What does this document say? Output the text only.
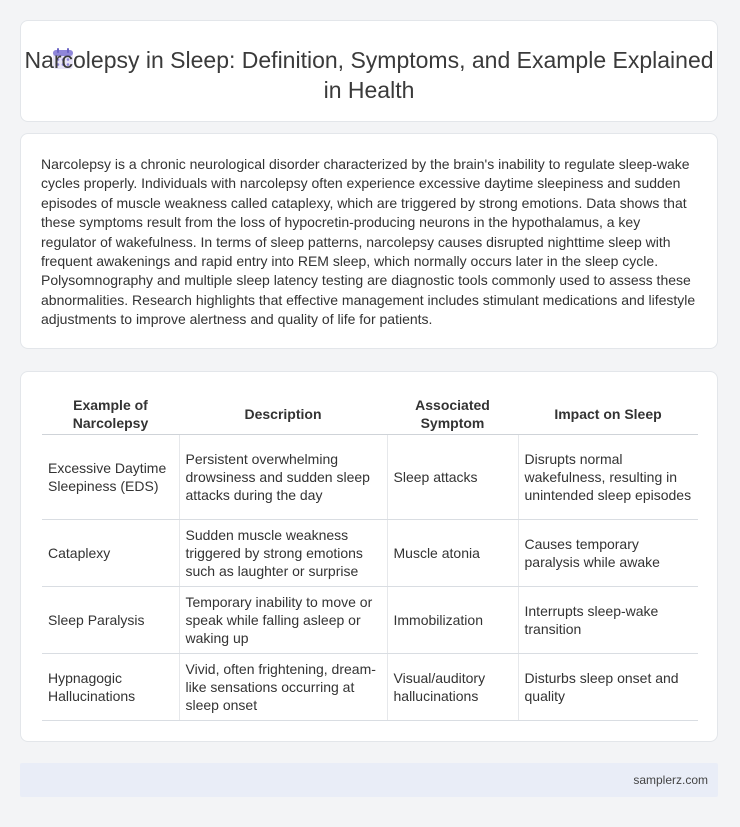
Narcolepsy in Sleep: Definition, Symptoms, and Example Explained in Health
Narcolepsy is a chronic neurological disorder characterized by the brain's inability to regulate sleep-wake cycles properly. Individuals with narcolepsy often experience excessive daytime sleepiness and sudden episodes of muscle weakness called cataplexy, which are triggered by strong emotions. Data shows that these symptoms result from the loss of hypocretin-producing neurons in the hypothalamus, a key regulator of wakefulness. In terms of sleep patterns, narcolepsy causes disrupted nighttime sleep with frequent awakenings and rapid entry into REM sleep, which normally occurs later in the sleep cycle. Polysomnography and multiple sleep latency testing are diagnostic tools commonly used to assess these abnormalities. Research highlights that effective management includes stimulant medications and lifestyle adjustments to improve alertness and quality of life for patients.
Example of Narcolepsy	Description	Associated Symptom	Impact on Sleep
Excessive Daytime Sleepiness (EDS)	Persistent overwhelming drowsiness and sudden sleep attacks during the day	Sleep attacks	Disrupts normal wakefulness, resulting in unintended sleep episodes
Cataplexy	Sudden muscle weakness triggered by strong emotions such as laughter or surprise	Muscle atonia	Causes temporary paralysis while awake
Sleep Paralysis	Temporary inability to move or speak while falling asleep or waking up	Immobilization	Interrupts sleep-wake transition
Hypnagogic Hallucinations	Vivid, often frightening, dream-like sensations occurring at sleep onset	Visual/auditory hallucinations	Disturbs sleep onset and quality
samplerz.com
